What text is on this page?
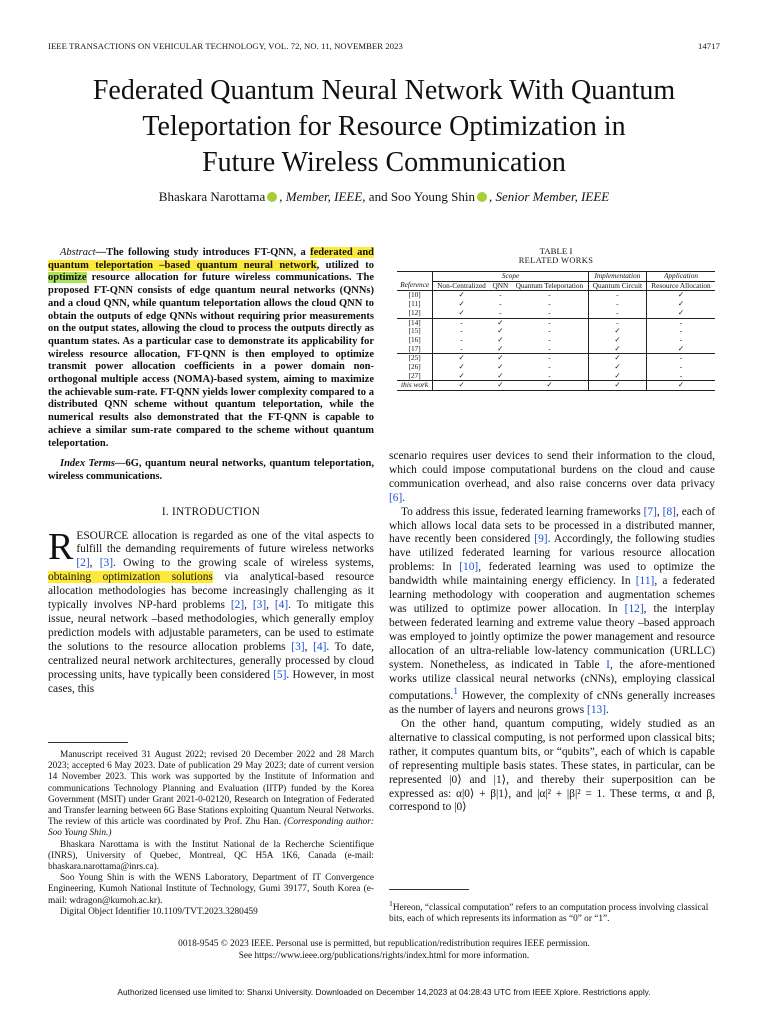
IEEE TRANSACTIONS ON VEHICULAR TECHNOLOGY, VOL. 72, NO. 11, NOVEMBER 2023	14717
Federated Quantum Neural Network With Quantum
Teleportation for Resource Optimization in
Future Wireless Communication
Bhaskara Narottama , Member, IEEE, and Soo Young Shin , Senior Member, IEEE

Abstract—The following study introduces FT-QNN, a federated and quantum teleportation –based quantum neural network, utilized to optimize resource allocation for future wireless communications. The proposed FT-QNN consists of edge quantum neural networks (QNNs) and a cloud QNN, while quantum teleportation allows the cloud QNN to obtain the outputs of edge QNNs without requiring prior measurements on the output states, allowing the cloud to process the outputs directly as quantum states. As a particular case to demonstrate its applicability for wireless resource allocation, FT-QNN is then employed to optimize transmit power allocation coefficients in a power domain non-orthogonal multiple access (NOMA)-based system, aiming to maximize the achievable sum-rate. FT-QNN yields lower complexity compared to a distributed QNN scheme without quantum teleportation, while the numerical results also demonstrated that the FT-QNN is capable to achieve a similar sum-rate compared to the scheme without quantum teleportation.

Index Terms—6G, quantum neural networks, quantum teleportation, wireless communications.

I. INTRODUCTION

RESOURCE allocation is regarded as one of the vital aspects to fulfill the demanding requirements of future wireless networks [2], [3]. Owing to the growing scale of wireless systems, obtaining optimization solutions via analytical-based resource allocation methodologies has become increasingly challenging as it typically involves NP-hard problems [2], [3], [4]. To mitigate this issue, neural network –based methodologies, which generally employ prediction models with adjustable parameters, can be used to estimate the solutions to the resource allocation problems [3], [4]. To date, centralized neural network architectures, generally processed by cloud processing units, have typically been considered [5]. However, in most cases, this

Manuscript received 31 August 2022; revised 20 December 2022 and 28 March 2023; accepted 6 May 2023. Date of publication 29 May 2023; date of current version 14 November 2023. This work was supported by the Institute of Information and communications Technology Planning and Evaluation (IITP) funded by the Korea Government (MSIT) under Grant 2021-0-02120, Research on Integration of Federated and Transfer learning between 6G Base Stations exploiting Quantum Neural Networks. The review of this article was coordinated by Prof. Zhu Han. (Corresponding author: Soo Young Shin.)

Bhaskara Narottama is with the Institut National de la Recherche Scientifique (INRS), University of Quebec, Montreal, QC H5A 1K6, Canada (e-mail: bhaskara.narottama@inrs.ca).

Soo Young Shin is with the WENS Laboratory, Department of IT Convergence Engineering, Kumoh National Institute of Technology, Gumi 39177, South Korea (e-mail: wdragon@kumoh.ac.kr).

Digital Object Identifier 10.1109/TVT.2023.3280459

TABLE I
RELATED WORKS
	Scope			Implementation	Application
Reference	Non-Centralized	QNN	Quantum Teleportation	Quantum Circuit	Resource Allocation
[10]	✓	-	-	-	✓
[11]	✓	-	-	-	✓
[12]	✓	-	-	-	✓
[14]	-	✓	-	-	-
[15]	-	✓	-	✓	-
[16]	-	✓	-	✓	-
[17]	-	✓	-	✓	✓
[25]	✓	✓	-	✓	-
[26]	✓	✓	-	✓	-
[27]	✓	✓	-	✓	-
this work	✓	✓	✓	✓	✓

scenario requires user devices to send their information to the cloud, which could impose computational burdens on the cloud and cause communication overhead, and also raise concerns over data privacy [6].

To address this issue, federated learning frameworks [7], [8], each of which allows local data sets to be processed in a distributed manner, have recently been considered [9]. Accordingly, the following studies have utilized federated learning for various resource allocation problems: In [10], federated learning was used to optimize the bandwidth while maintaining energy efficiency. In [11], a federated learning methodology with cooperation and augmentation schemes was utilized to optimize power allocation. In [12], the interplay between federated learning and extreme value theory –based approach was employed to jointly optimize the power management and resource allocation of an ultra-reliable low-latency communication (URLLC) system. Nonetheless, as indicated in Table I, the afore-mentioned works utilize classical neural networks (cNNs), employing classical computations.$^1$ However, the complexity of cNNs generally increases as the number of layers and neurons grows [13].

On the other hand, quantum computing, widely studied as an alternative to classical computing, is not performed upon classical bits; rather, it computes quantum bits, or “qubits”, each of which is capable of representing multiple basis states. These states, in particular, can be represented |0⟩ and |1⟩, and thereby their superposition can be expressed as: α|0⟩ + β|1⟩, and |α|² + |β|² = 1. These terms, α and β, correspond to |0⟩

$^1$Hereon, “classical computation” refers to an computation process involving classical bits, each of which represents its information as “0” or “1”.
0018-9545 © 2023 IEEE. Personal use is permitted, but republication/redistribution requires IEEE permission.
See https://www.ieee.org/publications/rights/index.html for more information.
Authorized licensed use limited to: Shanxi University. Downloaded on December 14,2023 at 04:28:43 UTC from IEEE Xplore. Restrictions apply.
